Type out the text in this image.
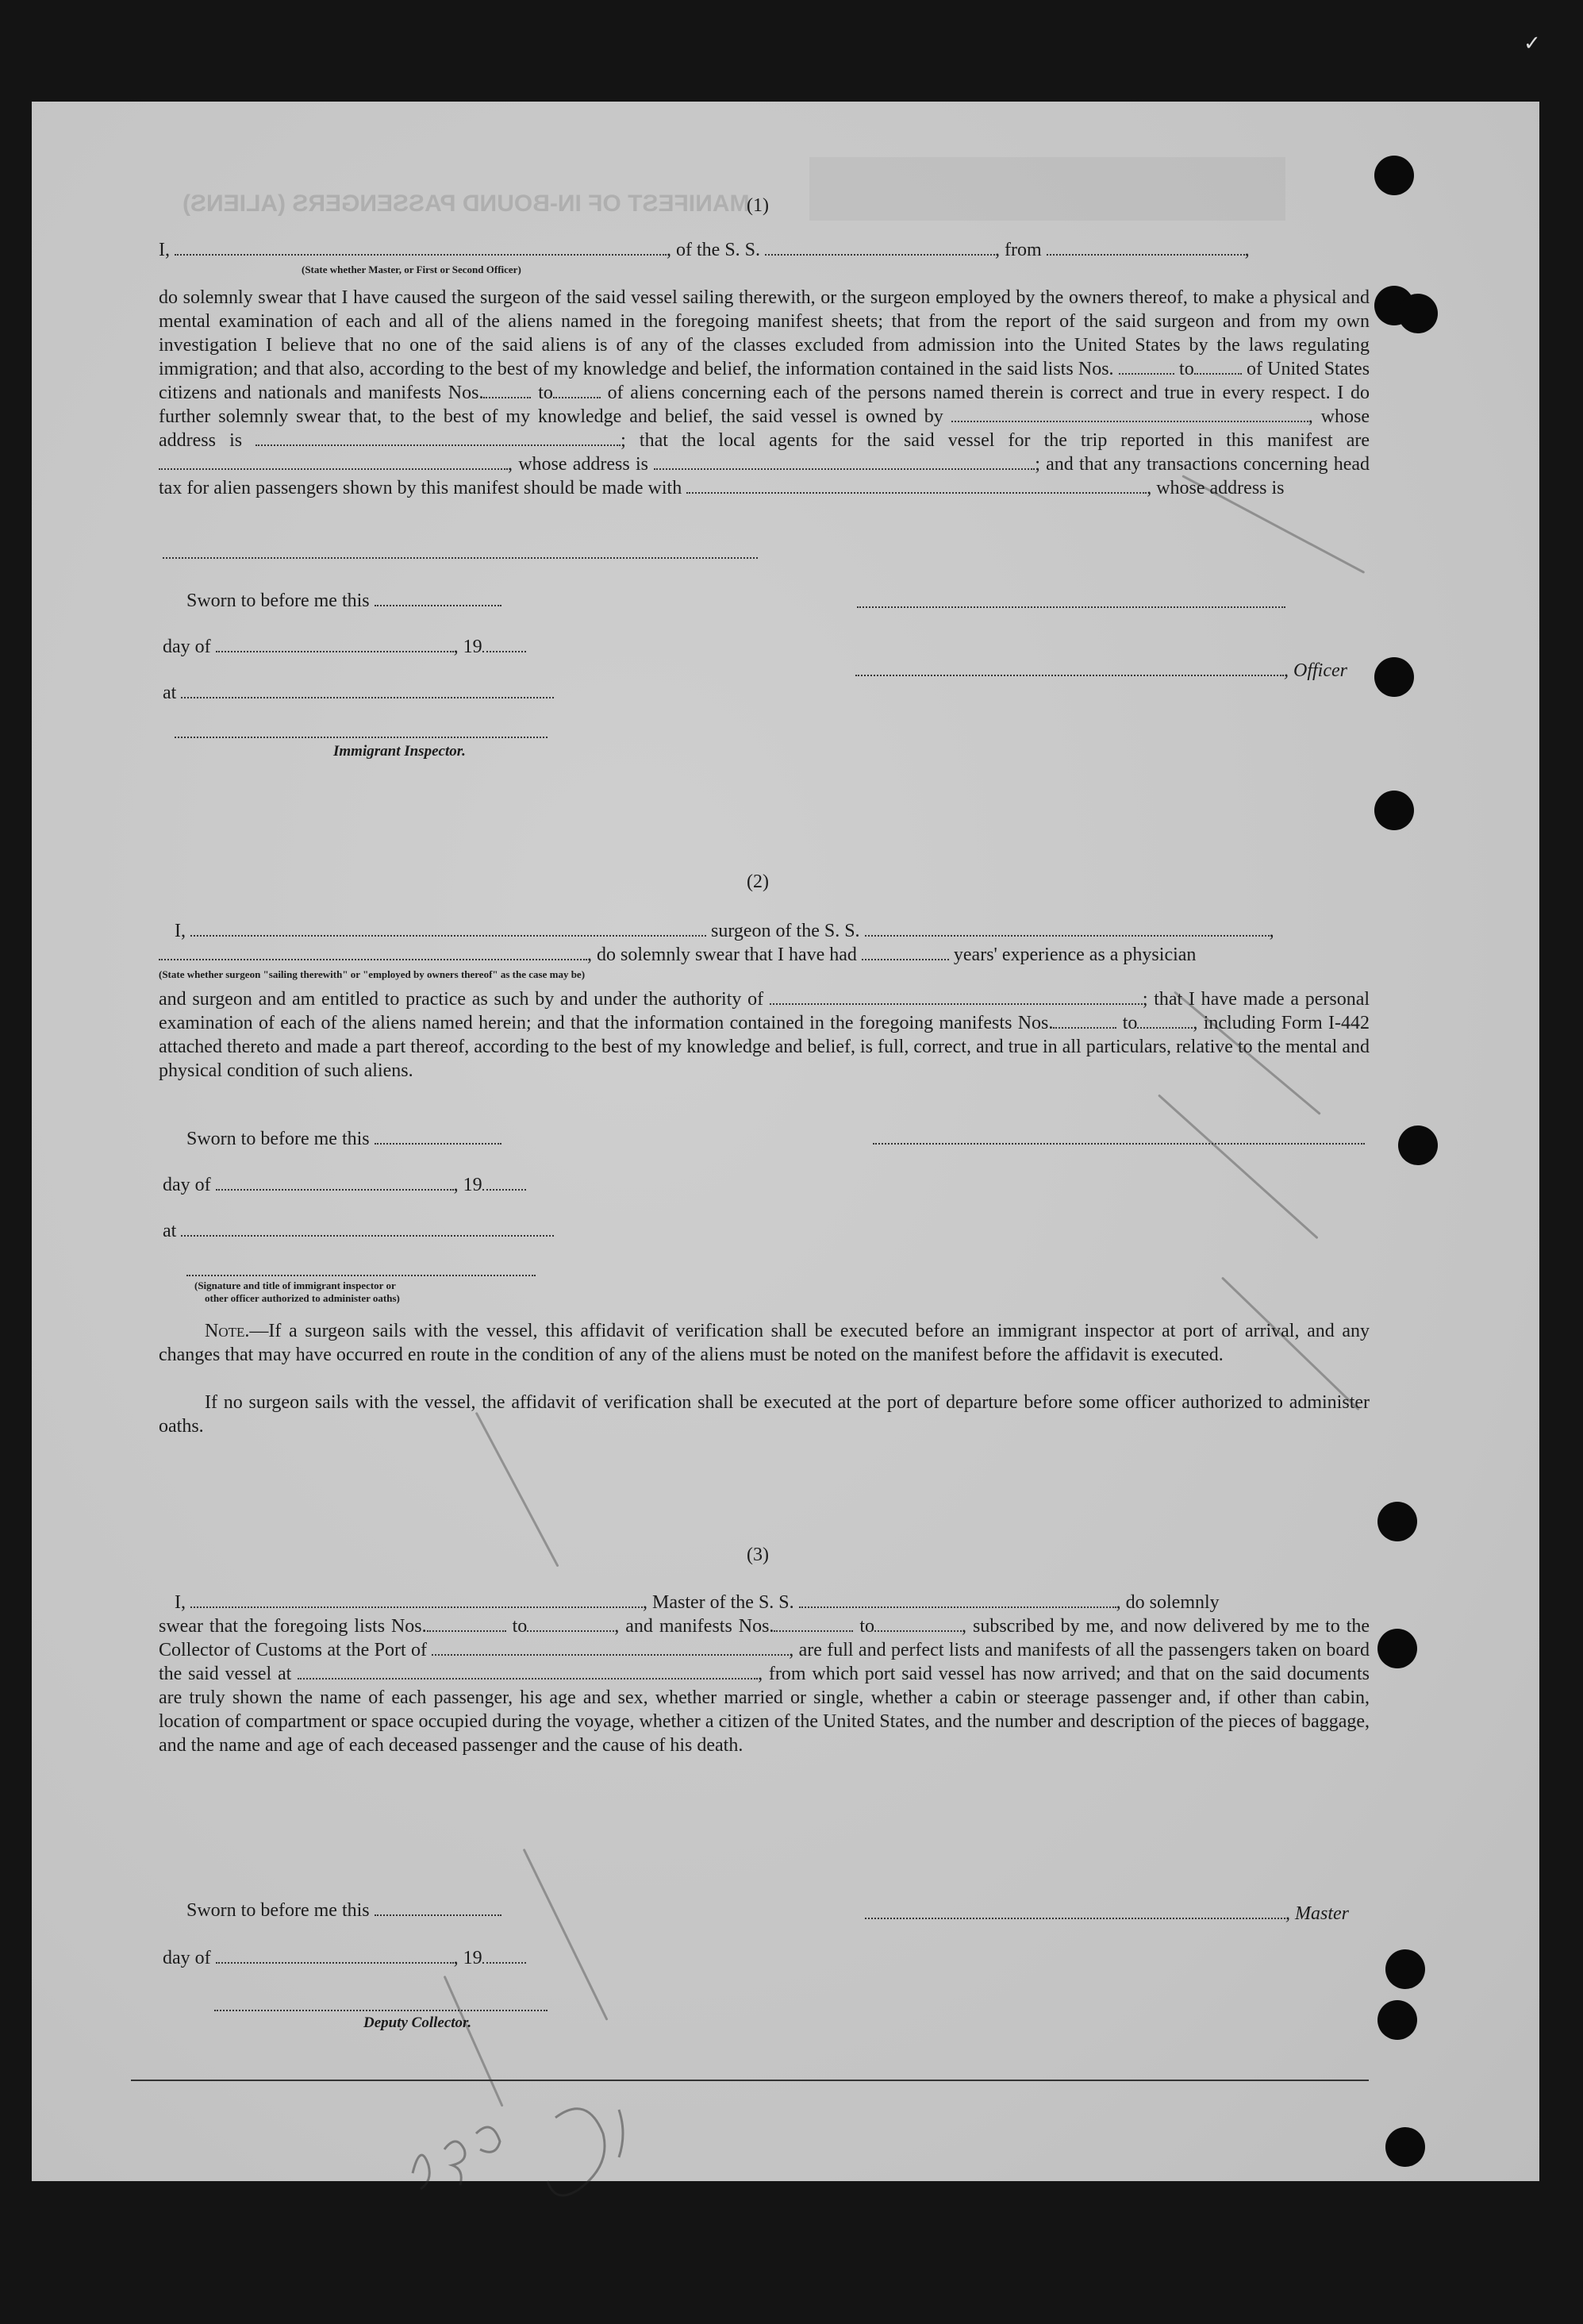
MANIFEST OF IN-BOUND PASSENGERS (ALIENS)
(1)
I,	, of the S. S.	, from	,
(State whether Master, or First or Second Officer)
do solemnly swear that I have caused the surgeon of the said vessel sailing therewith, or the surgeon employed by the owners thereof, to make a physical and mental examination of each and all of the aliens named in the foregoing manifest sheets; that from the report of the said surgeon and from my own investigation I believe that no one of the said aliens is of any of the classes excluded from admission into the United States by the laws regulating immigration; and that also, according to the best of my knowledge and belief, the information contained in the said lists Nos.	to	of United States citizens and nationals and manifests Nos.	to	of aliens concerning each of the persons named therein is correct and true in every respect. I do further solemnly swear that, to the best of my knowledge and belief, the said vessel is owned by	, whose address is	; that the local agents for the said vessel for the trip reported in this manifest are , whose address is	; and that any transactions concerning head tax for alien passengers shown by this manifest should be made with	, whose address is
Sworn to before me this
day of	, 19
, Officer
at
Immigrant Inspector.
(2)
I,	surgeon of the S. S.	,
, do solemnly swear that I have had	years' experience as a physician
(State whether surgeon "sailing therewith" or "employed by owners thereof" as the case may be)
and surgeon and am entitled to practice as such by and under the authority of	; that I have made a personal examination of each of the aliens named herein; and that the information contained in the foregoing manifests Nos.	to	, including Form I-442 attached thereto and made a part thereof, according to the best of my knowledge and belief, is full, correct, and true in all particulars, relative to the mental and physical condition of such aliens.
Sworn to before me this
day of	, 19
at
(Signature and title of immigrant inspector or
other officer authorized to administer oaths)
Note.—If a surgeon sails with the vessel, this affidavit of verification shall be executed before an immigrant inspector at port of arrival, and any changes that may have occurred en route in the condition of any of the aliens must be noted on the manifest before the affidavit is executed.
If no surgeon sails with the vessel, the affidavit of verification shall be executed at the port of departure before some officer authorized to administer oaths.
(3)
I,	, Master of the S. S.	, do solemnly
swear that the foregoing lists Nos.	to	, and manifests Nos.	to	, subscribed by me, and now delivered by me to the Collector of Customs at the Port of	, are full and perfect lists and manifests of all the passengers taken on board the said vessel at	, from which port said vessel has now arrived; and that on the said documents are truly shown the name of each passenger, his age and sex, whether married or single, whether a cabin or steerage passenger and, if other than cabin, location of compartment or space occupied during the voyage, whether a citizen of the United States, and the number and description of the pieces of baggage, and the name and age of each deceased passenger and the cause of his death.
Sworn to before me this	, Master
day of	, 19
Deputy Collector.
✓
